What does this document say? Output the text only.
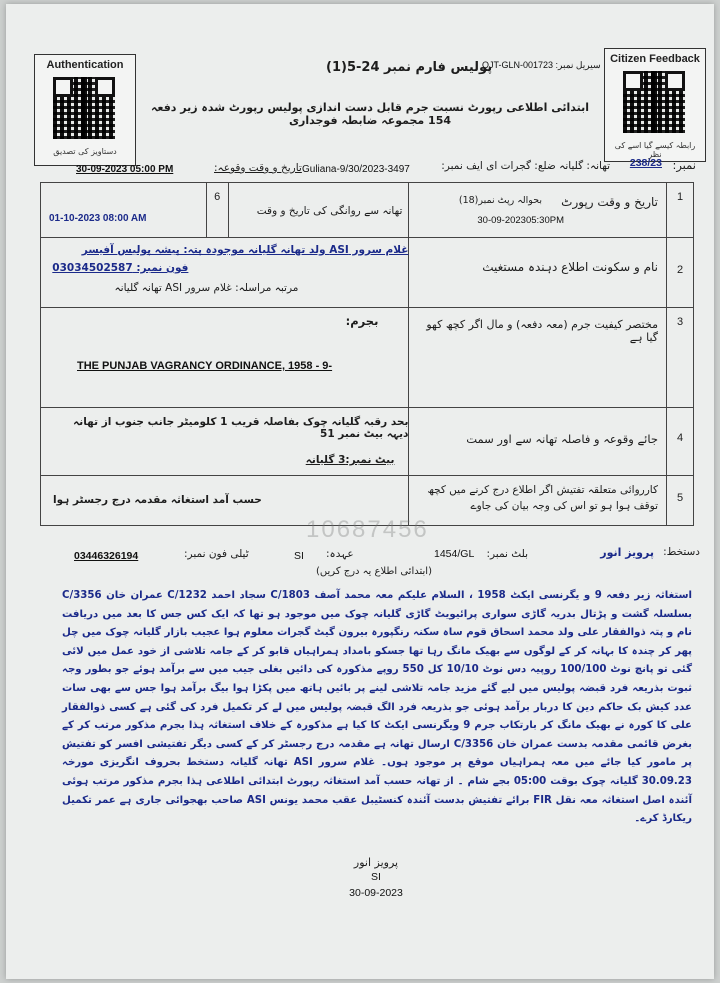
Authentication
دستاویز کی تصدیق
Citizen Feedback
رابطہ کیسے گیا اسے کی نظر
پولیس فارم نمبر 24-5(1)
QJT-GLN-001723 :سیریل نمبر
ابتدائی اطلاعی رپورٹ نسبت جرم قابل دست اندازی پولیس رپورٹ شدہ زیر دفعہ 154 مجموعہ ضابطہ فوجداری
نمبر:
238/23
تھانہ: گلیانہ ضلع: گجرات ای ایف نمبر:
Guliana-9/30/2023-3497
تاریخ و وقت وقوعہ:
30-09-2023 05:00 PM
01-10-2023 08:00 AM	6	تھانہ سے روانگی کی تاریخ و وقت	بحوالہ رپٹ نمبر(18)
30-09-202305:30PM
تاریخ و وقت رپورٹ	1

غلام سرور ASI ولد تھانہ گلیانہ موجودہ پتہ: پیشہ پولیس آفیسر
فون نمبر: 03034502587
مرتبہ مراسلہ: غلام سرور ASI تھانہ گلیانہ			نام و سکونت اطلاع دہندہ مستغیث	2

بجرم:
THE PUNJAB VAGRANCY ORDINANCE, 1958 - 9-			مختصر کیفیت جرم (معہ دفعہ) و مال اگر کچھ کھو گیا ہے	3

بحد رقبہ گلیانہ چوک بفاصلہ قریب 1 کلومیٹر جانب جنوب از تھانہ دیہہ بیٹ نمبر 51
بیٹ نمبر:3 گلیانہ			جائے وقوعہ و فاصلہ تھانہ سے اور سمت	4

حسب آمد استغاثہ مقدمہ درج رجسٹر ہوا			کارروائی متعلقہ تفتیش اگر اطلاع درج کرنے میں کچھ توقف ہوا ہو تو اس کی وجہ بیان کی جاوے	5
10687456
دستخط:
پرویز انور
بلٹ نمبر:
1454/GL
عہدہ:
SI
ٹیلی فون نمبر:
03446326194
(ابتدائی اطلاع یہ درج کریں)
استغاثہ زیر دفعہ 9 و یگرنسی ایکٹ 1958 ، السلام علیکم معہ محمد آصف 1803/C سجاد احمد 1232/C عمران خان 3356/C بسلسلہ گشت و پڑتال بدریہ گاڑی سواری پرائیویٹ گاڑی گلیانہ چوک میں موجود ہو تھا کہ ایک کس جس کا بعد میں دریافت نام و پتہ ذوالفقار علی ولد محمد اسحاق قوم ساہ سکنہ رنگپورہ بیرون گیٹ گجرات معلوم ہوا عجیب بازار گلیانہ چوک میں چل پھر کر چندہ کا بہانہ کر کے لوگوں سے بھیک مانگ رہا تھا جسکو بامداد ہمراہیاں قابو کر کے جامہ تلاشی از خود عمل میں لائی گئی تو پانچ نوٹ 100/100 روپیہ دس نوٹ 10/10 کل 550 روپے مذکورہ کی دائیں بغلی جیب میں سے برآمد ہوئے جو بطور وجہ ثبوت بذریعہ فرد قبضہ پولیس میں لیے گئے مزید جامہ تلاشی لینے پر بائیں ہاتھ میں پکڑا ہوا بیگ برآمد ہوا جس سے بھی سات عدد کیش بک حاکم دین کا دربار برآمد ہوئی جو بذریعہ فرد الگ قبضہ پولیس میں لے کر تکمیل فرد کی گئی ہے کسی ذوالفقار علی کا کورہ نے بھیک مانگ کر بارتکاب جرم 9 ویگرنسی ایکٹ کا کیا ہے مذکورہ کے خلاف استغاثہ ہذا بجرم مذکور مرتب کر کے بغرض قائمی مقدمہ بدست عمران خان 3356/C ارسال تھانہ ہے مقدمہ درج رجسٹر کر کے کسی دیگر تفتیشی افسر کو تفتیش پر مامور کیا جائے میں معہ ہمراہیاں موقع پر موجود ہوں۔ غلام سرور ASI تھانہ گلیانہ دستخط بحروف انگریزی مورخہ 30.09.23 گلیانہ چوک بوقت 05:00 بجے شام ۔ از تھانہ حسب آمد استغاثہ رپورٹ ابتدائی اطلاعی ہذا بجرم مذکور مرتب ہوئی آئندہ اصل استغاثہ معہ نقل FIR برائے تفتیش بدست آئندہ کنسٹیبل عقب محمد یونس ASI صاحب بھجوائی جاری ہے عمر تکمیل ریکارڈ کرے۔
پرویز انور
SI
30-09-2023
